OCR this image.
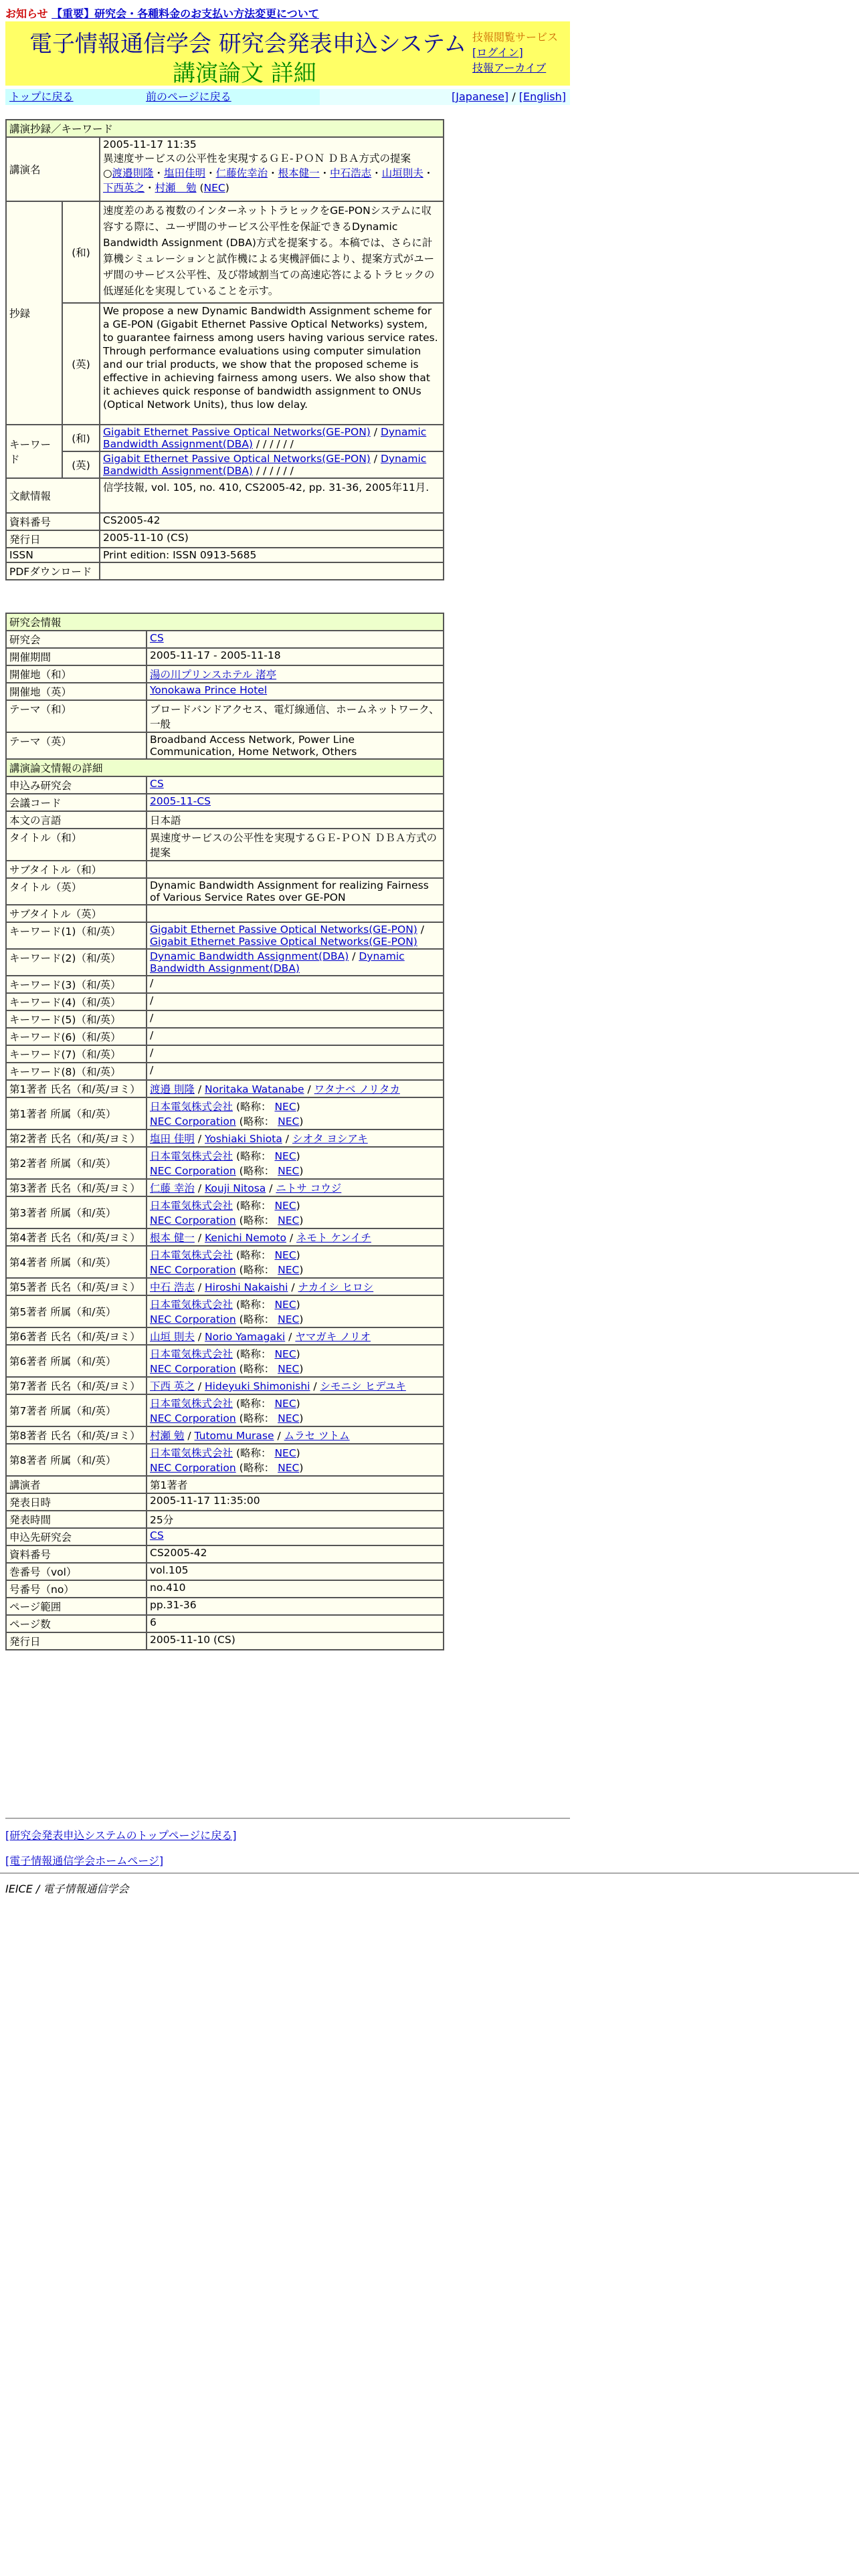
お知らせ 【重要】研究会・各種料金のお支払い方法変更について
電子情報通信学会 研究会発表申込システム
講演論文 詳細
技報閲覧サービス
[ログイン]
技報アーカイブ
トップに戻る	前のページに戻る	[Japanese] / [English]
講演抄録／キーワード		
講演名		2005-11-17 11:35
異速度サービスの公平性を実現するＧＥ-ＰＯＮ ＤＢＡ方式の提案
○渡邉則隆・塩田佳明・仁藤佐幸治・根本健一・中石浩志・山垣則夫・下西英之・村瀬　勉 (NEC)

抄録	(和)	速度差のある複数のインターネットトラヒックをGE-PONシステムに収容する際に、ユーザ間のサービス公平性を保証できるDynamic Bandwidth Assignment (DBA)方式を提案する。本稿では、さらに計算機シミュレーションと試作機による実機評価により、提案方式がユーザ間のサービス公平性、及び帯域割当ての高速応答によるトラヒックの低遅延化を実現していることを示す。
	(英)	We propose a new Dynamic Bandwidth Assignment scheme for a GE-PON (Gigabit Ethernet Passive Optical Networks) system, to guarantee fairness among users having various service rates. Through performance evaluations using computer simulation and our trial products, we show that the proposed scheme is effective in achieving fairness among users. We also show that it achieves quick response of bandwidth assignment to ONUs (Optical Network Units), thus low delay.
キーワード	(和)	Gigabit Ethernet Passive Optical Networks(GE-PON) / Dynamic Bandwidth Assignment(DBA) / / / / / /
	(英)	Gigabit Ethernet Passive Optical Networks(GE-PON) / Dynamic Bandwidth Assignment(DBA) / / / / / /
文献情報		信学技報, vol. 105, no. 410, CS2005-42, pp. 31-36, 2005年11月.
資料番号		CS2005-42
発行日		2005-11-10 (CS)
ISSN		Print edition: ISSN 0913-5685
PDFダウンロード		
研究会情報	
研究会	CS
開催期間	2005-11-17 - 2005-11-18
開催地（和）	湯の川プリンスホテル 渚亭
開催地（英）	Yonokawa Prince Hotel
テーマ（和）	ブロードバンドアクセス、電灯線通信、ホームネットワーク、一般
テーマ（英）	Broadband Access Network, Power Line Communication, Home Network, Others
講演論文情報の詳細	
申込み研究会	CS
会議コード	2005-11-CS
本文の言語	日本語
タイトル（和）	異速度サービスの公平性を実現するＧＥ-ＰＯＮ ＤＢＡ方式の提案
サブタイトル（和）	
タイトル（英）	Dynamic Bandwidth Assignment for realizing Fairness of Various Service Rates over GE-PON
サブタイトル（英）	
キーワード(1)（和/英）	Gigabit Ethernet Passive Optical Networks(GE-PON) / Gigabit Ethernet Passive Optical Networks(GE-PON)
キーワード(2)（和/英）	Dynamic Bandwidth Assignment(DBA) / Dynamic Bandwidth Assignment(DBA)
キーワード(3)（和/英）	/
キーワード(4)（和/英）	/
キーワード(5)（和/英）	/
キーワード(6)（和/英）	/
キーワード(7)（和/英）	/
キーワード(8)（和/英）	/
第1著者 氏名（和/英/ヨミ）	渡邉 則隆 / Noritaka Watanabe / ワタナベ ノリタカ
第1著者 所属（和/英）	日本電気株式会社 (略称： NEC)
NEC Corporation (略称： NEC)

第2著者 氏名（和/英/ヨミ）	塩田 佳明 / Yoshiaki Shiota / シオタ ヨシアキ
第2著者 所属（和/英）	日本電気株式会社 (略称： NEC)
NEC Corporation (略称： NEC)

第3著者 氏名（和/英/ヨミ）	仁藤 幸治 / Kouji Nitosa / ニトサ コウジ
第3著者 所属（和/英）	日本電気株式会社 (略称： NEC)
NEC Corporation (略称： NEC)

第4著者 氏名（和/英/ヨミ）	根本 健一 / Kenichi Nemoto / ネモト ケンイチ
第4著者 所属（和/英）	日本電気株式会社 (略称： NEC)
NEC Corporation (略称： NEC)

第5著者 氏名（和/英/ヨミ）	中石 浩志 / Hiroshi Nakaishi / ナカイシ ヒロシ
第5著者 所属（和/英）	日本電気株式会社 (略称： NEC)
NEC Corporation (略称： NEC)

第6著者 氏名（和/英/ヨミ）	山垣 則夫 / Norio Yamagaki / ヤマガキ ノリオ
第6著者 所属（和/英）	日本電気株式会社 (略称： NEC)
NEC Corporation (略称： NEC)

第7著者 氏名（和/英/ヨミ）	下西 英之 / Hideyuki Shimonishi / シモニシ ヒデユキ
第7著者 所属（和/英）	日本電気株式会社 (略称： NEC)
NEC Corporation (略称： NEC)

第8著者 氏名（和/英/ヨミ）	村瀬 勉 / Tutomu Murase / ムラセ ツトム
第8著者 所属（和/英）	日本電気株式会社 (略称： NEC)
NEC Corporation (略称： NEC)

講演者	第1著者
発表日時	2005-11-17 11:35:00
発表時間	25分
申込先研究会	CS
資料番号	CS2005-42
巻番号（vol）	vol.105
号番号（no）	no.410
ページ範囲	pp.31-36
ページ数	6
発行日	2005-11-10 (CS)
[研究会発表申込システムのトップページに戻る]
[電子情報通信学会ホームページ]
IEICE / 電子情報通信学会
